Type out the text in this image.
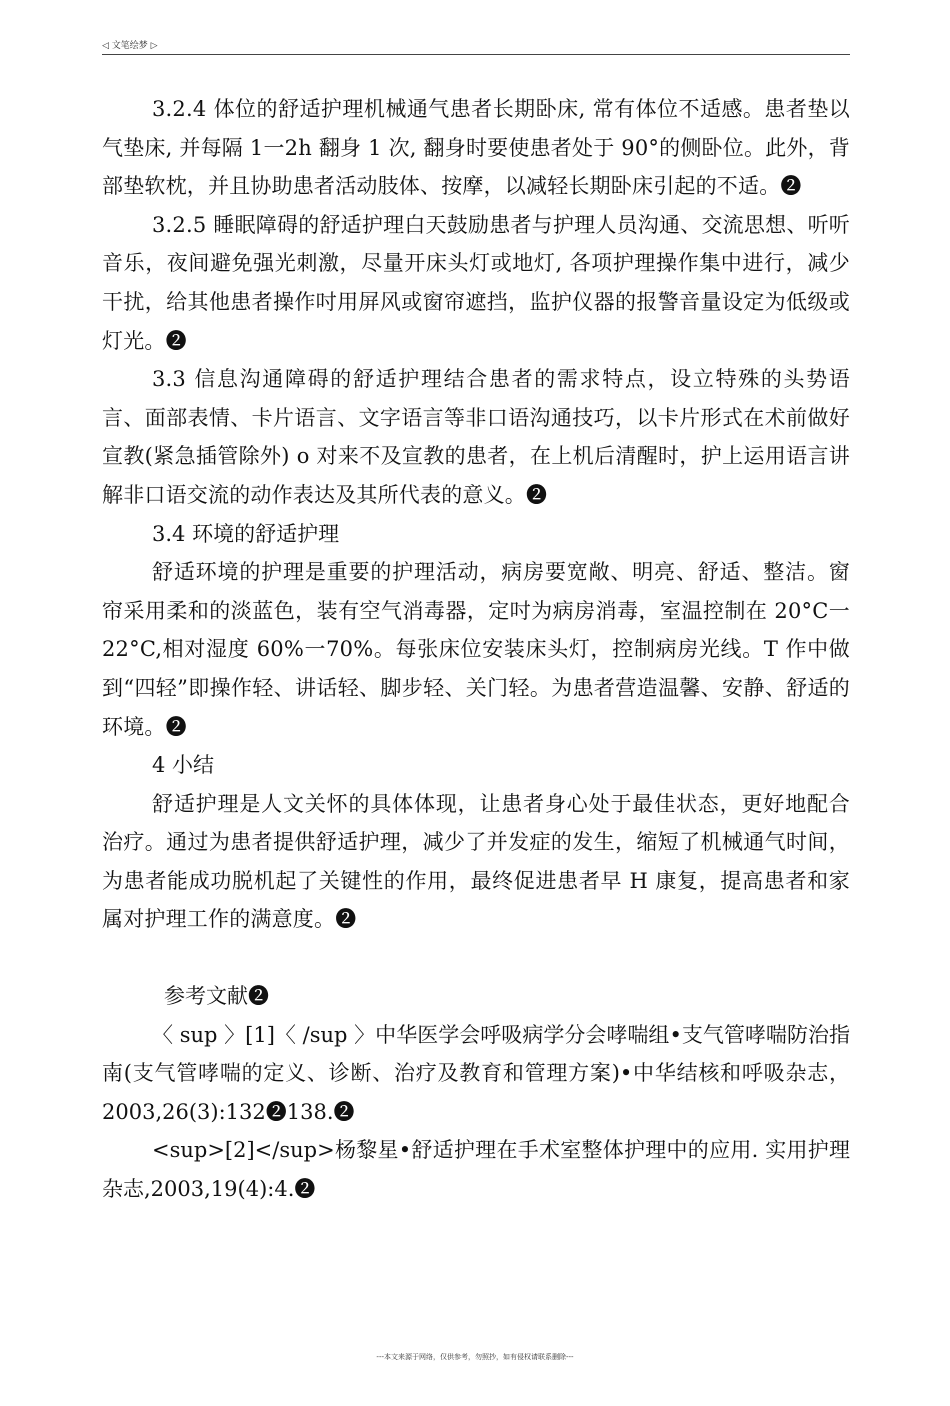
◁ 文笔绘梦 ▷

3.2.4 体位的舒适护理机械通气患者长期卧床, 常有体位不适感。患者垫以气垫床, 并每隔 1一2h 翻身 1 次, 翻身时要使患者处于 90°的侧卧位。此外，背部垫软枕，并且协助患者活动肢体、按摩，以减轻长期卧床引起的不适。❷

3.2.5 睡眠障碍的舒适护理白天鼓励患者与护理人员沟通、交流思想、听听音乐，夜间避免强光刺激，尽量开床头灯或地灯, 各项护理操作集中进行，减少干扰，给其他患者操作吋用屏风或窗帘遮挡，监护仪器的报警音量设定为低级或灯光。❷

3.3 信息沟通障碍的舒适护理结合患者的需求特点，设立特殊的头势语言、面部表情、卡片语言、文字语言等非口语沟通技巧，以卡片形式在术前做好宣教(紧急插管除外) o 对来不及宣教的患者，在上机后清醒时，护上运用语言讲解非口语交流的动作表达及其所代表的意义。❷

3.4 环境的舒适护理

舒适环境的护理是重要的护理活动，病房要宽敞、明亮、舒适、整洁。窗帘采用柔和的淡蓝色，装有空气消毒器，定吋为病房消毒，室温控制在 20°C一22°C,相对湿度 60%一70%。每张床位安装床头灯，控制病房光线。T 作中做到“四轻”即操作轻、讲话轻、脚步轻、关门轻。为患者营造温馨、安静、舒适的环境。❷

4 小结

舒适护理是人文关怀的具体体现，让患者身心处于最佳状态，更好地配合治疗。通过为患者提供舒适护理，减少了并发症的发生，缩短了机械通气时间，为患者能成功脱机起了关键性的作用，最终促进患者早 H 康复，提高患者和家属对护理工作的满意度。❷

参考文献❷

〈 sup 〉[1]〈 /sup 〉中华医学会呼吸病学分会哮喘组•支气管哮喘防治指南(支气管哮喘的定义、诊断、治疗及教育和管理方案)•中华结核和呼吸杂志，2003,26(3):132❷138.❷

<sup>[2]</sup>杨黎星•舒适护理在手术室整体护理中的应用. 实用护理杂志,2003,19(4):4.❷

---本文来源于网络，仅供参考，勿照抄，如有侵权请联系删除---
